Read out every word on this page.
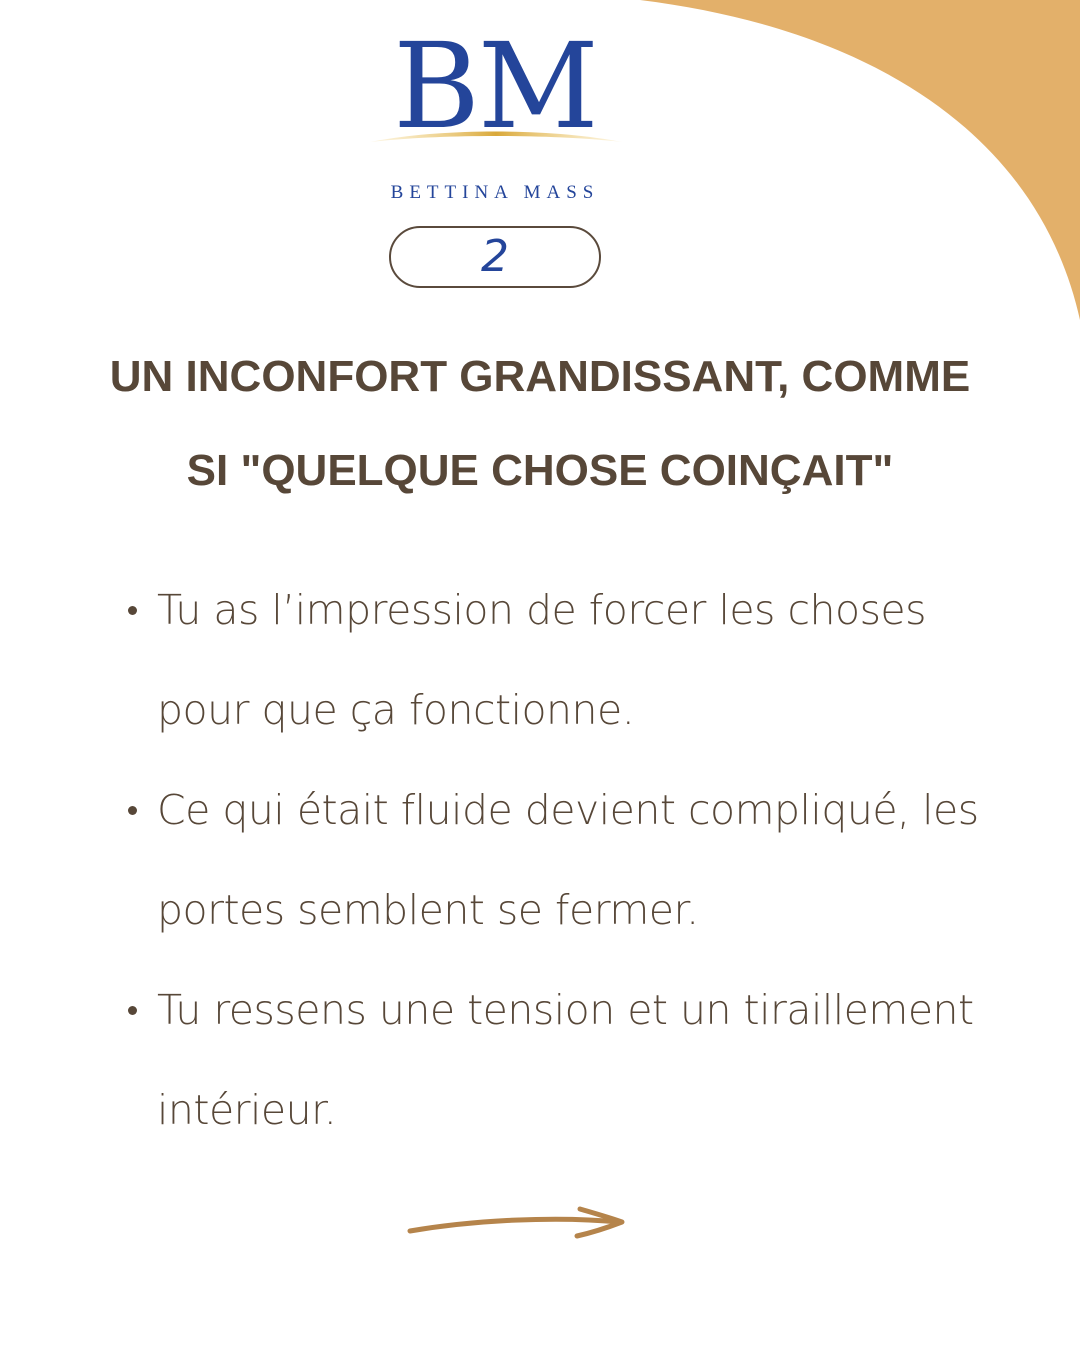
BM
BETTINA MASS
2
UN INCONFORT GRANDISSANT, COMME
SI "QUELQUE CHOSE COINÇAIT"
Tu as l’impression de forcer les choses
pour que ça fonctionne.
Ce qui était fluide devient compliqué, les
portes semblent se fermer.
Tu ressens une tension et un tiraillement
intérieur.
